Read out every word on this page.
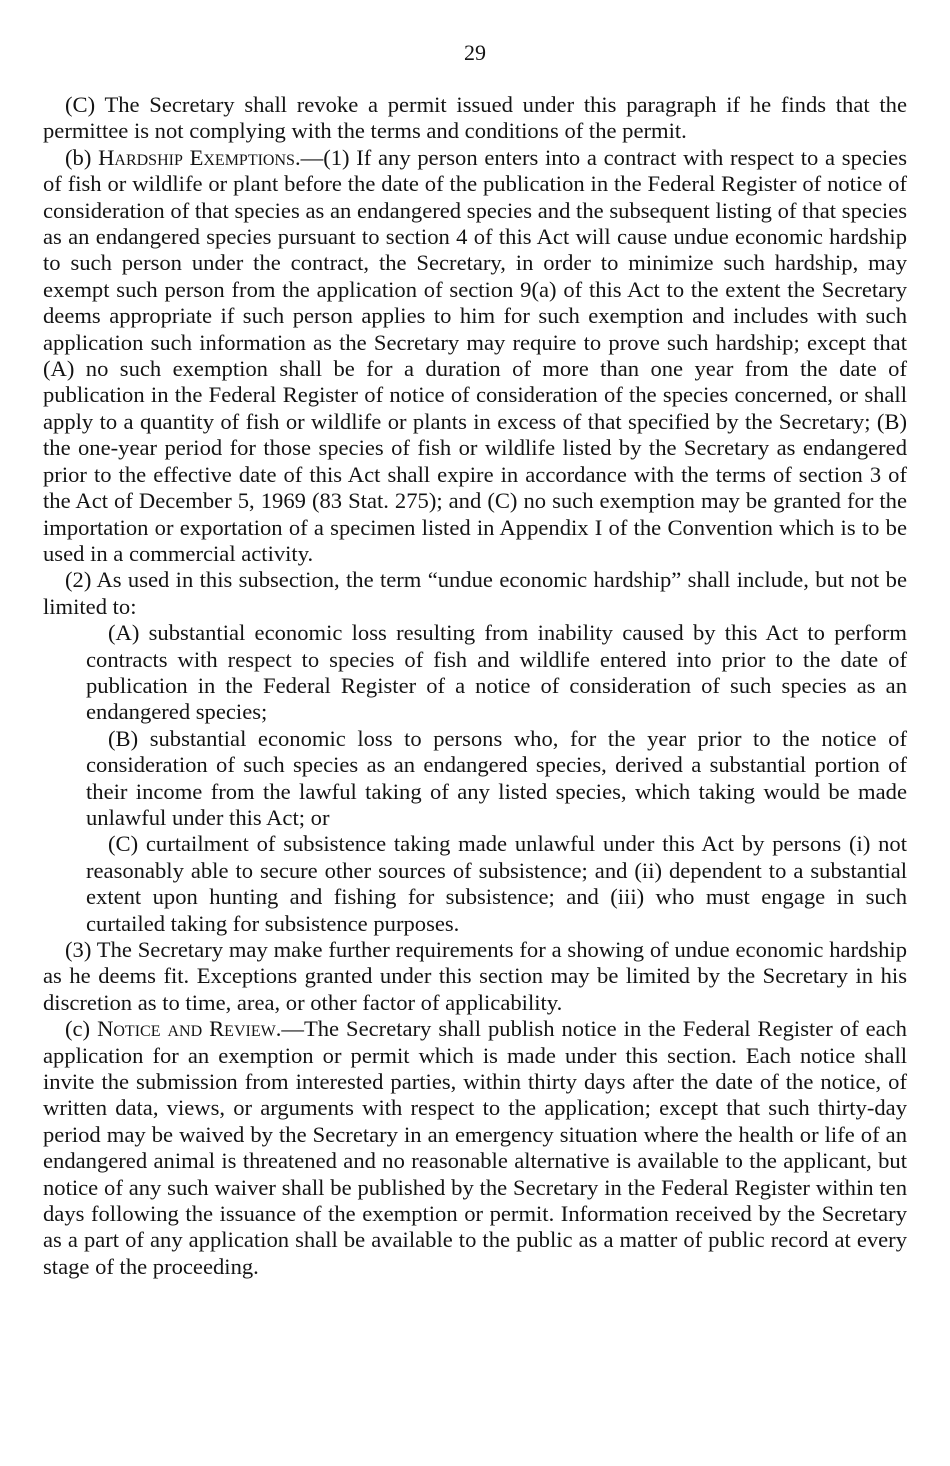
29

(C) The Secretary shall revoke a permit issued under this paragraph if he finds that the permittee is not complying with the terms and conditions of the permit.

(b) Hardship Exemptions.—(1) If any person enters into a contract with respect to a species of fish or wildlife or plant before the date of the publication in the Federal Register of notice of consideration of that species as an endangered species and the subsequent listing of that species as an endangered species pursuant to section 4 of this Act will cause undue economic hardship to such person under the contract, the Secretary, in order to minimize such hardship, may exempt such person from the application of section 9(a) of this Act to the extent the Secretary deems appropriate if such person applies to him for such exemption and includes with such application such information as the Secretary may require to prove such hardship; except that (A) no such exemption shall be for a duration of more than one year from the date of publication in the Federal Register of notice of consideration of the species concerned, or shall apply to a quantity of fish or wildlife or plants in excess of that specified by the Secretary; (B) the one-year period for those species of fish or wildlife listed by the Secretary as endangered prior to the effective date of this Act shall expire in accordance with the terms of section 3 of the Act of December 5, 1969 (83 Stat. 275); and (C) no such exemption may be granted for the importation or exportation of a specimen listed in Appendix I of the Convention which is to be used in a commercial activity.

(2) As used in this subsection, the term “undue economic hardship” shall include, but not be limited to:

(A) substantial economic loss resulting from inability caused by this Act to perform contracts with respect to species of fish and wildlife entered into prior to the date of publication in the Federal Register of a notice of consideration of such species as an endangered species;

(B) substantial economic loss to persons who, for the year prior to the notice of consideration of such species as an endangered species, derived a substantial portion of their income from the lawful taking of any listed species, which taking would be made unlawful under this Act; or

(C) curtailment of subsistence taking made unlawful under this Act by persons (i) not reasonably able to secure other sources of subsistence; and (ii) dependent to a substantial extent upon hunting and fishing for subsistence; and (iii) who must engage in such curtailed taking for subsistence purposes.

(3) The Secretary may make further requirements for a showing of undue economic hardship as he deems fit. Exceptions granted under this section may be limited by the Secretary in his discretion as to time, area, or other factor of applicability.

(c) Notice and Review.—The Secretary shall publish notice in the Federal Register of each application for an exemption or permit which is made under this section. Each notice shall invite the submission from interested parties, within thirty days after the date of the notice, of written data, views, or arguments with respect to the application; except that such thirty-day period may be waived by the Secretary in an emergency situation where the health or life of an endangered animal is threatened and no reasonable alternative is available to the applicant, but notice of any such waiver shall be published by the Secretary in the Federal Register within ten days following the issuance of the exemption or permit. Information received by the Secretary as a part of any application shall be available to the public as a matter of public record at every stage of the proceeding.
